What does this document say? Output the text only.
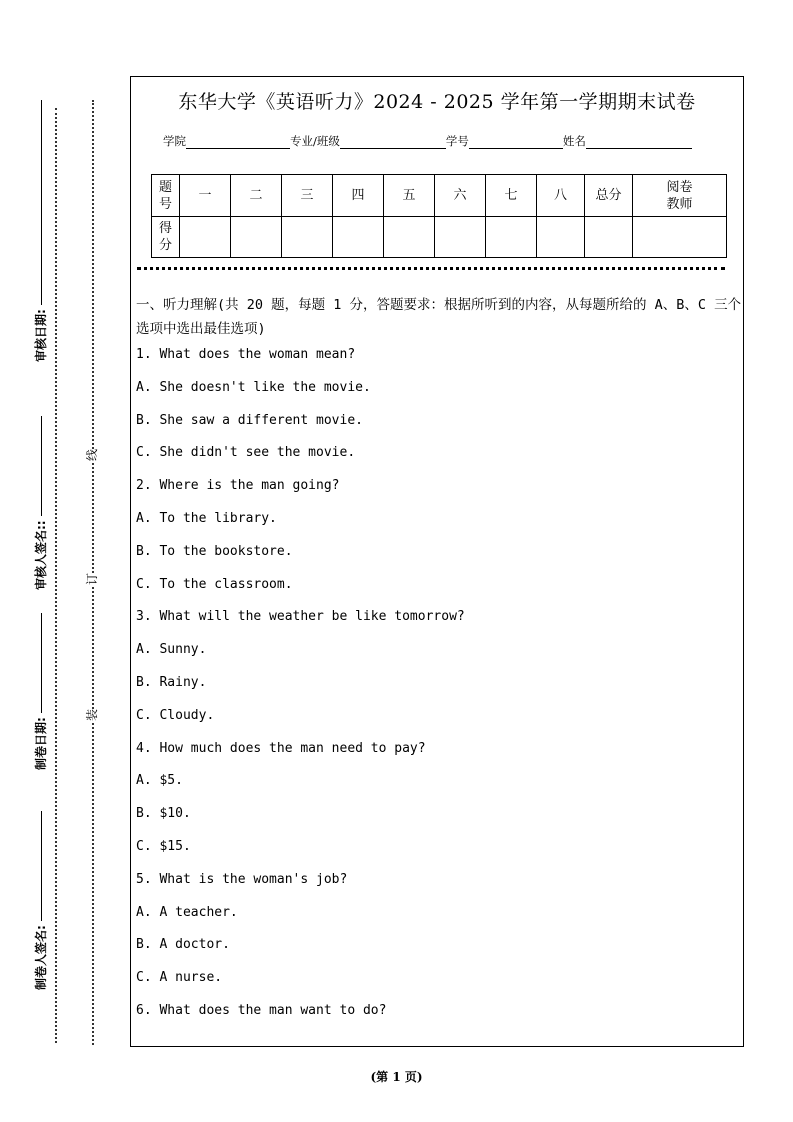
审核日期:
审核人签名::
制卷日期:
制卷人签名:
线
订
装
东华大学《英语听力》2024 - 2025 学年第一学期期末试卷
学院	专业/班级	学号	姓名
题号	一	二	三	四	五	六	七	八	总分	阅卷教师
得分										
一、听力理解(共 20 题，每题 1 分，答题要求：根据所听到的内容，从每题所给的 A、B、C 三个选项中选出最佳选项)
1. What does the woman mean?
A. She doesn't like the movie.
B. She saw a different movie.
C. She didn't see the movie.
2. Where is the man going?
A. To the library.
B. To the bookstore.
C. To the classroom.
3. What will the weather be like tomorrow?
A. Sunny.
B. Rainy.
C. Cloudy.
4. How much does the man need to pay?
A. $5.
B. $10.
C. $15.
5. What is the woman's job?
A. A teacher.
B. A doctor.
C. A nurse.
6. What does the man want to do?
(第 1 页)
